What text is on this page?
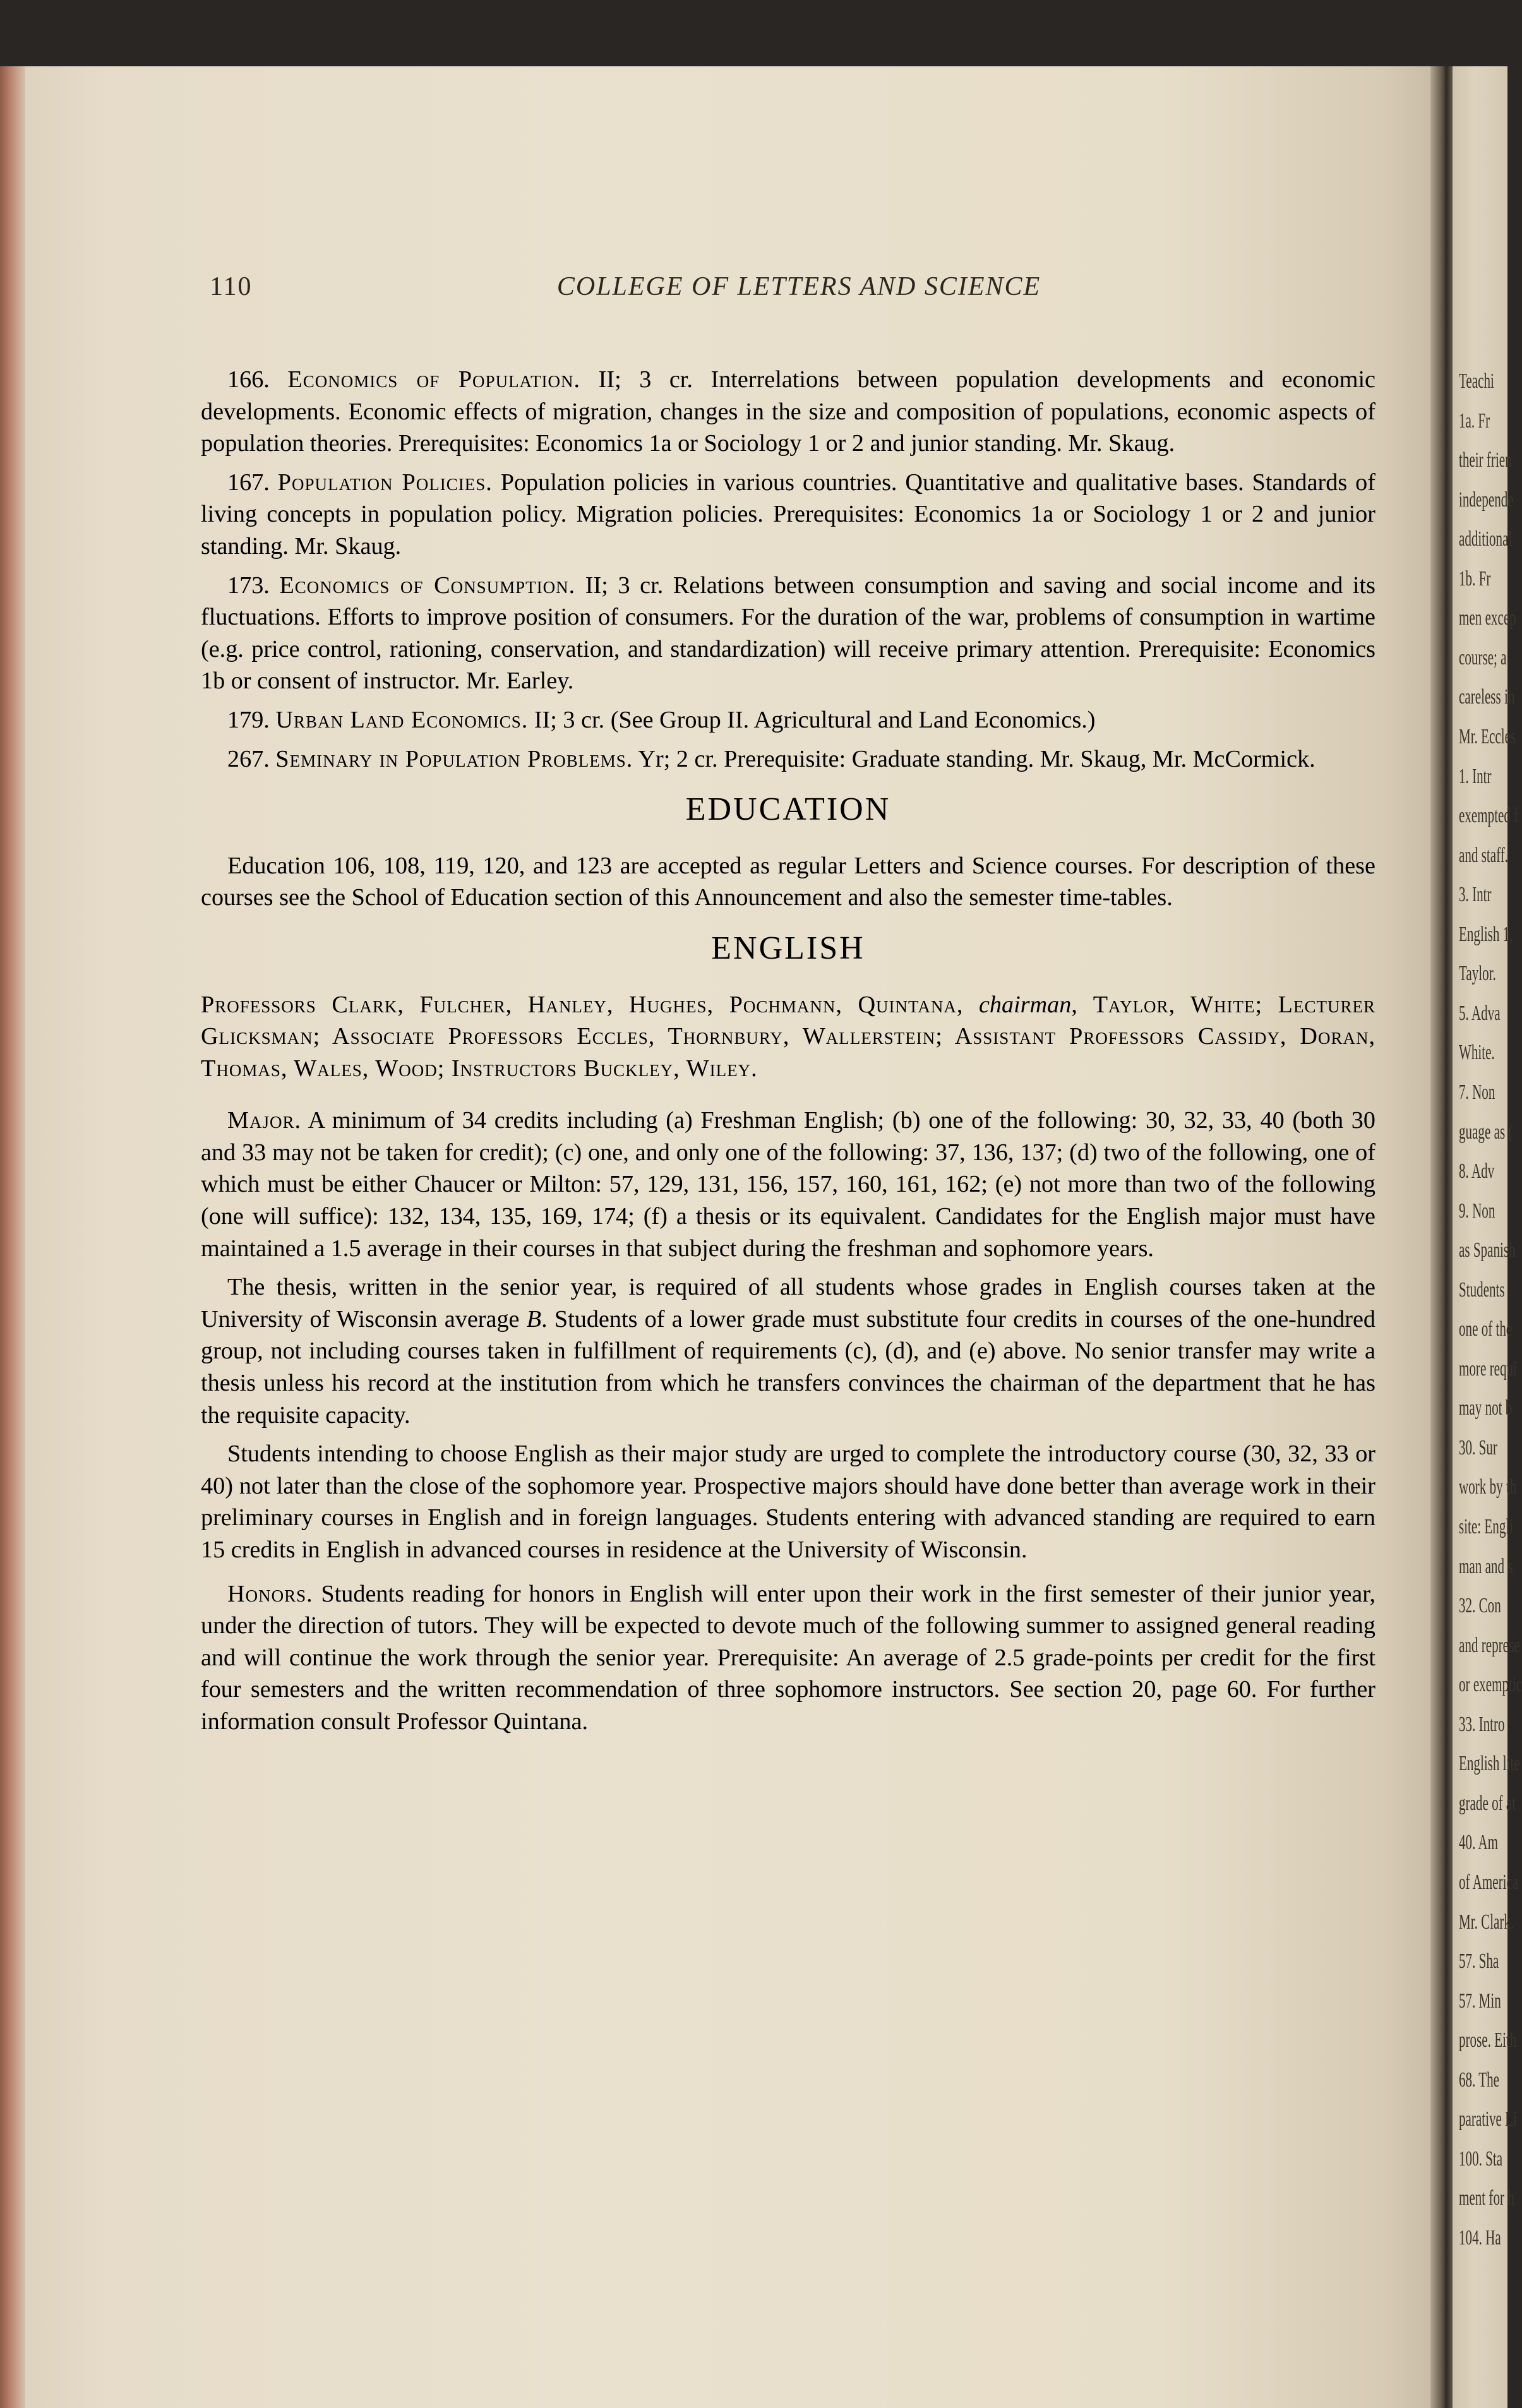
110	COLLEGE OF LETTERS AND SCIENCE

166. Economics of Population. II; 3 cr. Interrelations between population developments and economic developments. Economic effects of migration, changes in the size and composition of populations, economic aspects of population theories. Prerequisites: Economics 1a or Sociology 1 or 2 and junior standing. Mr. Skaug.

167. Population Policies. Population policies in various countries. Quantitative and qualitative bases. Standards of living concepts in population policy. Migration policies. Prerequisites: Economics 1a or Sociology 1 or 2 and junior standing. Mr. Skaug.

173. Economics of Consumption. II; 3 cr. Relations between consumption and saving and social income and its fluctuations. Efforts to improve position of consumers. For the duration of the war, problems of consumption in wartime (e.g. price control, rationing, conservation, and standardization) will receive primary attention. Prerequisite: Economics 1b or consent of instructor. Mr. Earley.

179. Urban Land Economics. II; 3 cr. (See Group II. Agricultural and Land Economics.)

267. Seminary in Population Problems. Yr; 2 cr. Prerequisite: Graduate standing. Mr. Skaug, Mr. McCormick.

EDUCATION

Education 106, 108, 119, 120, and 123 are accepted as regular Letters and Science courses. For description of these courses see the School of Education section of this Announcement and also the semester time-tables.

ENGLISH

Professors Clark, Fulcher, Hanley, Hughes, Pochmann, Quintana, chairman, Taylor, White; Lecturer Glicksman; Associate Professors Eccles, Thornbury, Wallerstein; Assistant Professors Cassidy, Doran, Thomas, Wales, Wood; Instructors Buckley, Wiley.

Major. A minimum of 34 credits including (a) Freshman English; (b) one of the following: 30, 32, 33, 40 (both 30 and 33 may not be taken for credit); (c) one, and only one of the following: 37, 136, 137; (d) two of the following, one of which must be either Chaucer or Milton: 57, 129, 131, 156, 157, 160, 161, 162; (e) not more than two of the following (one will suffice): 132, 134, 135, 169, 174; (f) a thesis or its equivalent. Candidates for the English major must have maintained a 1.5 average in their courses in that subject during the freshman and sophomore years.

The thesis, written in the senior year, is required of all students whose grades in English courses taken at the University of Wisconsin average B. Students of a lower grade must substitute four credits in courses of the one-hundred group, not including courses taken in fulfillment of requirements (c), (d), and (e) above. No senior transfer may write a thesis unless his record at the institution from which he transfers convinces the chairman of the department that he has the requisite capacity.

Students intending to choose English as their major study are urged to complete the introductory course (30, 32, 33 or 40) not later than the close of the sophomore year. Prospective majors should have done better than average work in their preliminary courses in English and in foreign languages. Students entering with advanced standing are required to earn 15 credits in English in advanced courses in residence at the University of Wisconsin.

Honors. Students reading for honors in English will enter upon their work in the first semester of their junior year, under the direction of tutors. They will be expected to devote much of the following summer to assigned general reading and will continue the work through the senior year. Prerequisite: An average of 2.5 grade-points per credit for the first four semesters and the written recommendation of three sophomore instructors. See section 20, page 60. For further information consult Professor Quintana.

Teachi
1a. Fr
their frien
independe
additional
1b. Fr
men excep
course; a
careless in
Mr. Eccles
1. Intr
exempted f
and staff.
3. Intr
English 1,
Taylor.
5. Adva
White.
7. Non
guage as (
8. Adv
9. Non
as Spanish
Students
one of the
more requi
may not b
30. Sur
work by th
site: Engli
man and s
32. Con
and represe
or exemptic
33. Intro
English lite
grade of at
40. Am
of America
Mr. Clark.
57. Sha
57. Min
prose. Eith
68. The
parative Li
100. Sta
ment for h
104. Ha
